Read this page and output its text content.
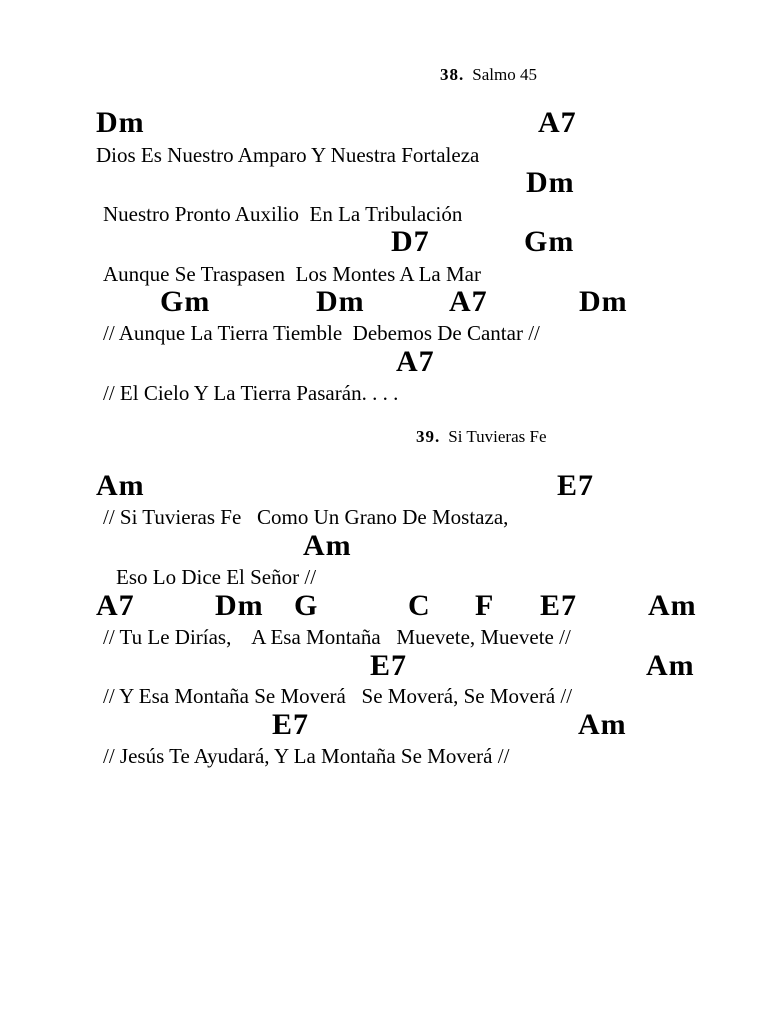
38. Salmo 45
Dm	A7
Dios Es Nuestro Amparo Y Nuestra Fortaleza
Dm
Nuestro Pronto Auxilio  En La Tribulación
D7	Gm
Aunque Se Traspasen  Los Montes A La Mar
Gm	Dm	A7	Dm
// Aunque La Tierra Tiemble  Debemos De Cantar //
A7
// El Cielo Y La Tierra Pasarán. . . .
39. Si Tuvieras Fe
Am	E7
// Si Tuvieras Fe   Como Un Grano De Mostaza,
Am
Eso Lo Dice El Señor //
A7	Dm G	C F E7 Am
// Tu Le Dirías,    A Esa Montaña   Muevete, Muevete //
E7	Am
// Y Esa Montaña Se Moverá   Se Moverá, Se Moverá //
E7	Am
// Jesús Te Ayudará, Y La Montaña Se Moverá //
